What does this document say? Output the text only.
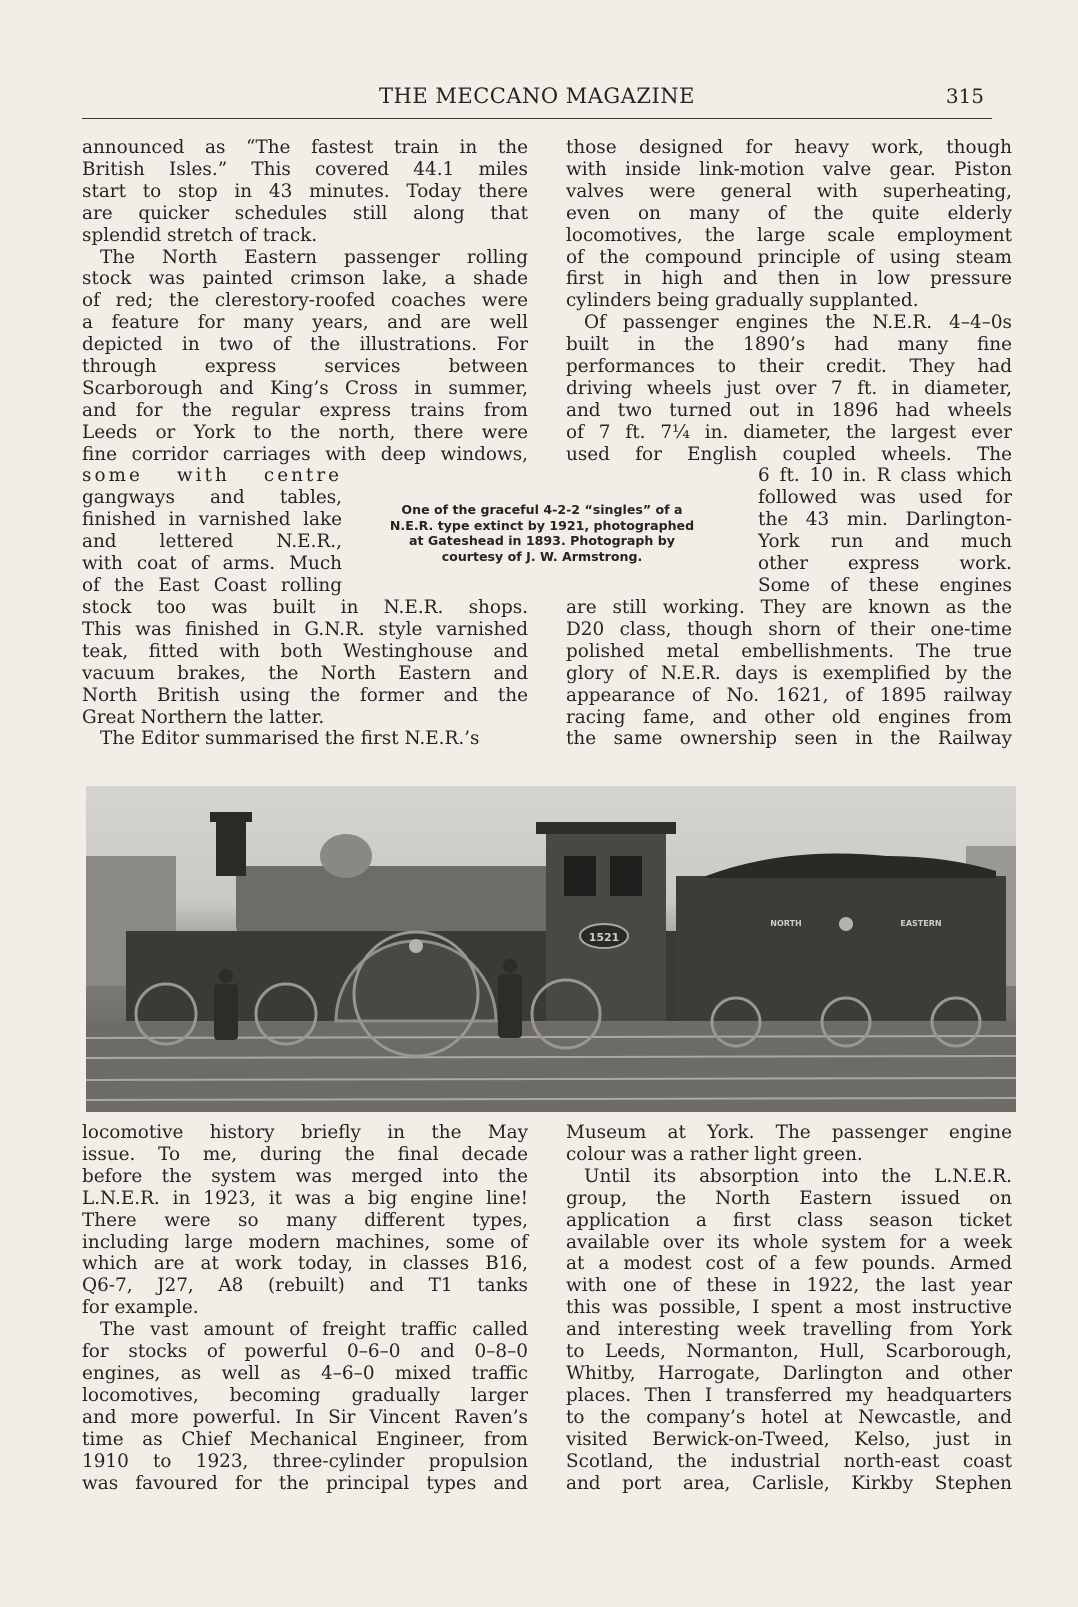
THE MECCANO MAGAZINE	315
announced as “The fastest train in the
British Isles.” This covered 44.1 miles
start to stop in 43 minutes. Today there
are quicker schedules still along that
splendid stretch of track.
The North Eastern passenger rolling
stock was painted crimson lake, a shade
of red; the clerestory-roofed coaches were
a feature for many years, and are well
depicted in two of the illustrations. For
through express services between
Scarborough and King’s Cross in summer,
and for the regular express trains from
Leeds or York to the north, there were
fine corridor carriages with deep windows,
some with centre
gangways and tables,
finished in varnished lake
and lettered N.E.R.,
with coat of arms. Much
of the East Coast rolling
stock too was built in N.E.R. shops.
This was finished in G.N.R. style varnished
teak, fitted with both Westinghouse and
vacuum brakes, the North Eastern and
North British using the former and the
Great Northern the latter.
The Editor summarised the first N.E.R.’s
those designed for heavy work, though
with inside link-motion valve gear. Piston
valves were general with superheating,
even on many of the quite elderly
locomotives, the large scale employment
of the compound principle of using steam
first in high and then in low pressure
cylinders being gradually supplanted.
Of passenger engines the N.E.R. 4–4–0s
built in the 1890’s had many fine
performances to their credit. They had
driving wheels just over 7 ft. in diameter,
and two turned out in 1896 had wheels
of 7 ft. 7¼ in. diameter, the largest ever
used for English coupled wheels. The
6 ft. 10 in. R class which
followed was used for
the 43 min. Darlington-
York run and much
other express work.
Some of these engines
are still working. They are known as the
D20 class, though shorn of their one-time
polished metal embellishments. The true
glory of N.E.R. days is exemplified by the
appearance of No. 1621, of 1895 railway
racing fame, and other old engines from
the same ownership seen in the Railway
One of the graceful 4-2-2 “singles” of a
N.E.R. type extinct by 1921, photographed
at Gateshead in 1893. Photograph by
courtesy of J. W. Armstrong.
1521
NORTH	EASTERN
locomotive history briefly in the May
issue. To me, during the final decade
before the system was merged into the
L.N.E.R. in 1923, it was a big engine line!
There were so many different types,
including large modern machines, some of
which are at work today, in classes B16,
Q6-7, J27, A8 (rebuilt) and T1 tanks
for example.
The vast amount of freight traffic called
for stocks of powerful 0–6–0 and 0–8–0
engines, as well as 4–6–0 mixed traffic
locomotives, becoming gradually larger
and more powerful. In Sir Vincent Raven’s
time as Chief Mechanical Engineer, from
1910 to 1923, three-cylinder propulsion
was favoured for the principal types and
Museum at York. The passenger engine
colour was a rather light green.
Until its absorption into the L.N.E.R.
group, the North Eastern issued on
application a first class season ticket
available over its whole system for a week
at a modest cost of a few pounds. Armed
with one of these in 1922, the last year
this was possible, I spent a most instructive
and interesting week travelling from York
to Leeds, Normanton, Hull, Scarborough,
Whitby, Harrogate, Darlington and other
places. Then I transferred my headquarters
to the company’s hotel at Newcastle, and
visited Berwick-on-Tweed, Kelso, just in
Scotland, the industrial north-east coast
and port area, Carlisle, Kirkby Stephen
